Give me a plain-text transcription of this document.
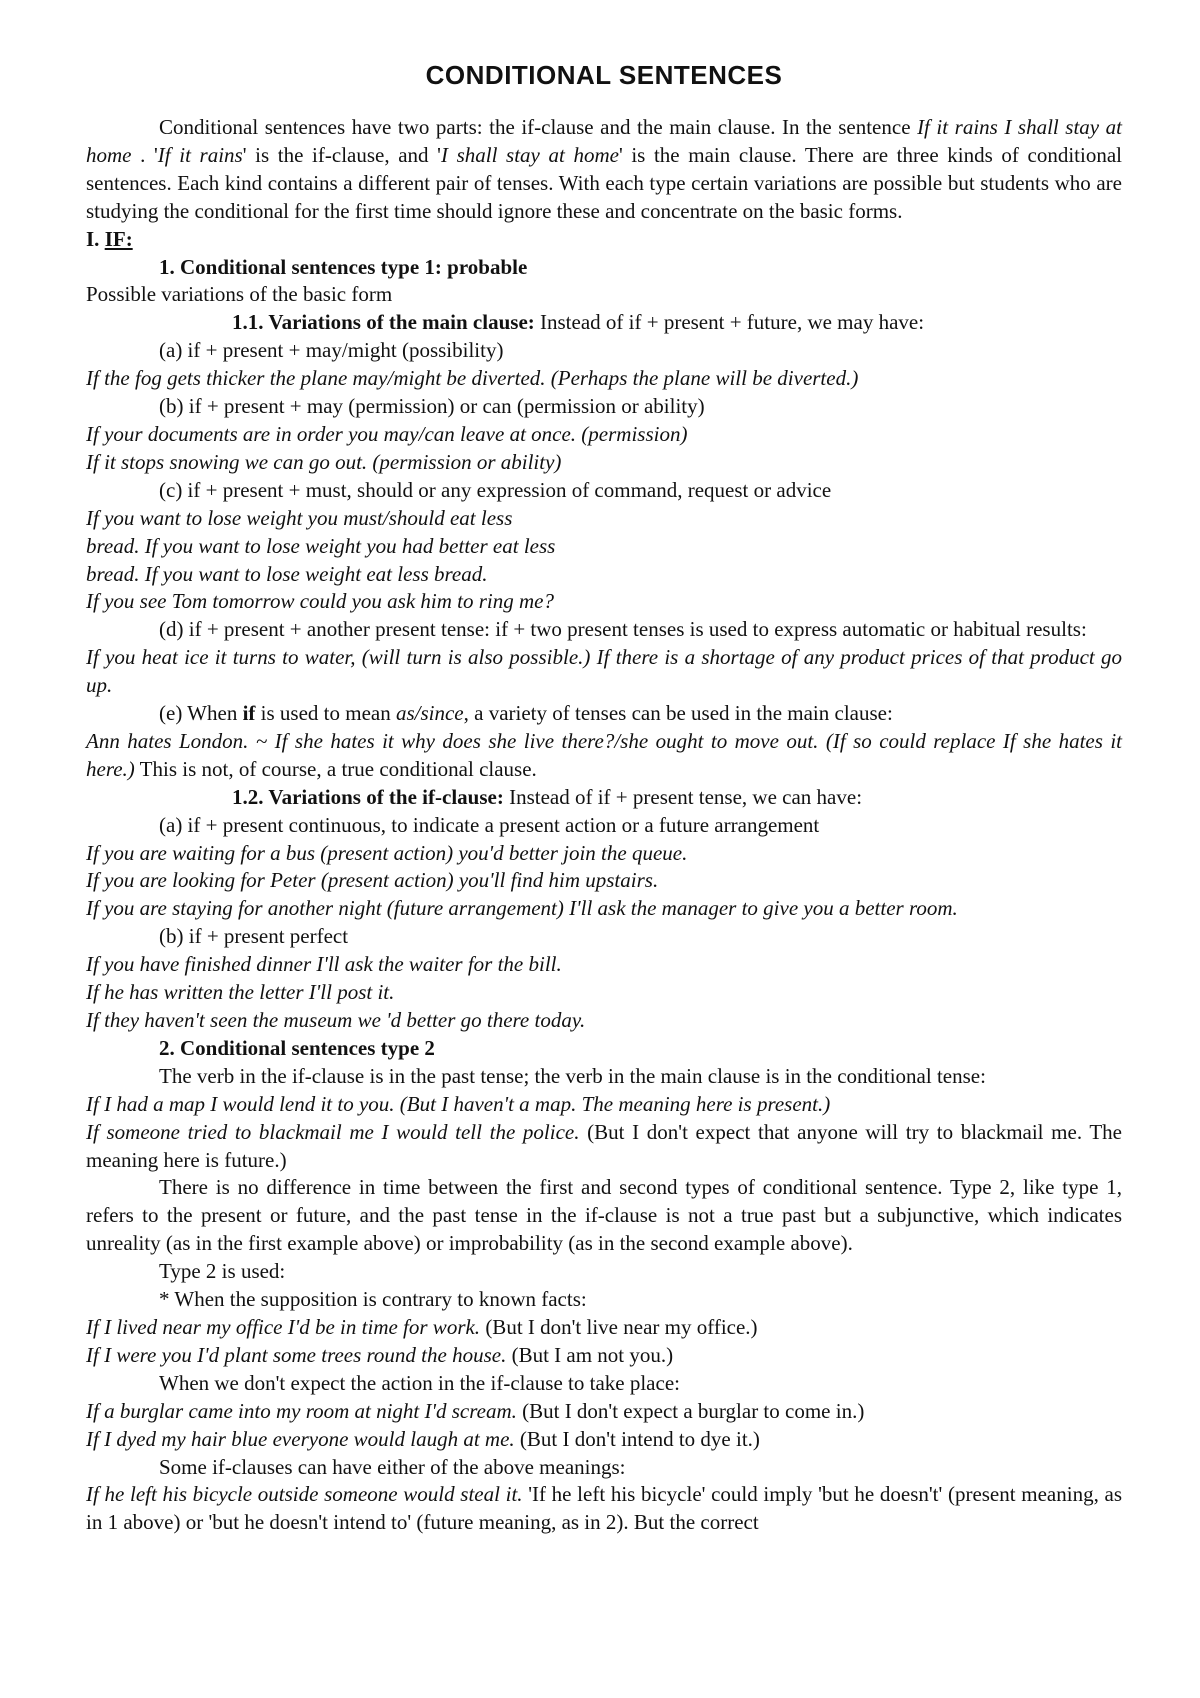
CONDITIONAL SENTENCES

Conditional sentences have two parts: the if-clause and the main clause. In the sentence If it rains I shall stay at home . 'If it rains' is the if-clause, and 'I shall stay at home' is the main clause. There are three kinds of conditional sentences. Each kind contains a different pair of tenses. With each type certain variations are possible but students who are studying the conditional for the first time should ignore these and concentrate on the basic forms.

I. IF:

1. Conditional sentences type 1: probable

Possible variations of the basic form

1.1. Variations of the main clause: Instead of if + present + future, we may have:

(a) if + present + may/might (possibility)

If the fog gets thicker the plane may/might be diverted. (Perhaps the plane will be diverted.)

(b) if + present + may (permission) or can (permission or ability)

If your documents are in order you may/can leave at once. (permission)

If it stops snowing we can go out. (permission or ability)

(c) if + present + must, should or any expression of command, request or advice

If you want to lose weight you must/should eat less

bread. If you want to lose weight you had better eat less

bread. If you want to lose weight eat less bread.

If you see Tom tomorrow could you ask him to ring me?

(d) if + present + another present tense: if + two present tenses is used to express automatic or habitual results:

If you heat ice it turns to water, (will turn is also possible.) If there is a shortage of any product prices of that product go up.

(e) When if is used to mean as/since, a variety of tenses can be used in the main clause:

Ann hates London. ~ If she hates it why does she live there?/she ought to move out. (If so could replace If she hates it here.) This is not, of course, a true conditional clause.

1.2. Variations of the if-clause: Instead of if + present tense, we can have:

(a) if + present continuous, to indicate a present action or a future arrangement

If you are waiting for a bus (present action) you'd better join the queue.

If you are looking for Peter (present action) you'll find him upstairs.

If you are staying for another night (future arrangement) I'll ask the manager to give you a better room.

(b) if + present perfect

If you have finished dinner I'll ask the waiter for the bill.

If he has written the letter I'll post it.

If they haven't seen the museum we 'd better go there today.

2. Conditional sentences type 2

The verb in the if-clause is in the past tense; the verb in the main clause is in the conditional tense:

If I had a map I would lend it to you. (But I haven't a map. The meaning here is present.)

If someone tried to blackmail me I would tell the police. (But I don't expect that anyone will try to blackmail me. The meaning here is future.)

There is no difference in time between the first and second types of conditional sentence. Type 2, like type 1, refers to the present or future, and the past tense in the if-clause is not a true past but a subjunctive, which indicates unreality (as in the first example above) or improbability (as in the second example above).

Type 2 is used:

* When the supposition is contrary to known facts:

If I lived near my office I'd be in time for work. (But I don't live near my office.)

If I were you I'd plant some trees round the house. (But I am not you.)

When we don't expect the action in the if-clause to take place:

If a burglar came into my room at night I'd scream. (But I don't expect a burglar to come in.)

If I dyed my hair blue everyone would laugh at me. (But I don't intend to dye it.)

Some if-clauses can have either of the above meanings:

If he left his bicycle outside someone would steal it. 'If he left his bicycle' could imply 'but he doesn't' (present meaning, as in 1 above) or 'but he doesn't intend to' (future meaning, as in 2). But the correct
